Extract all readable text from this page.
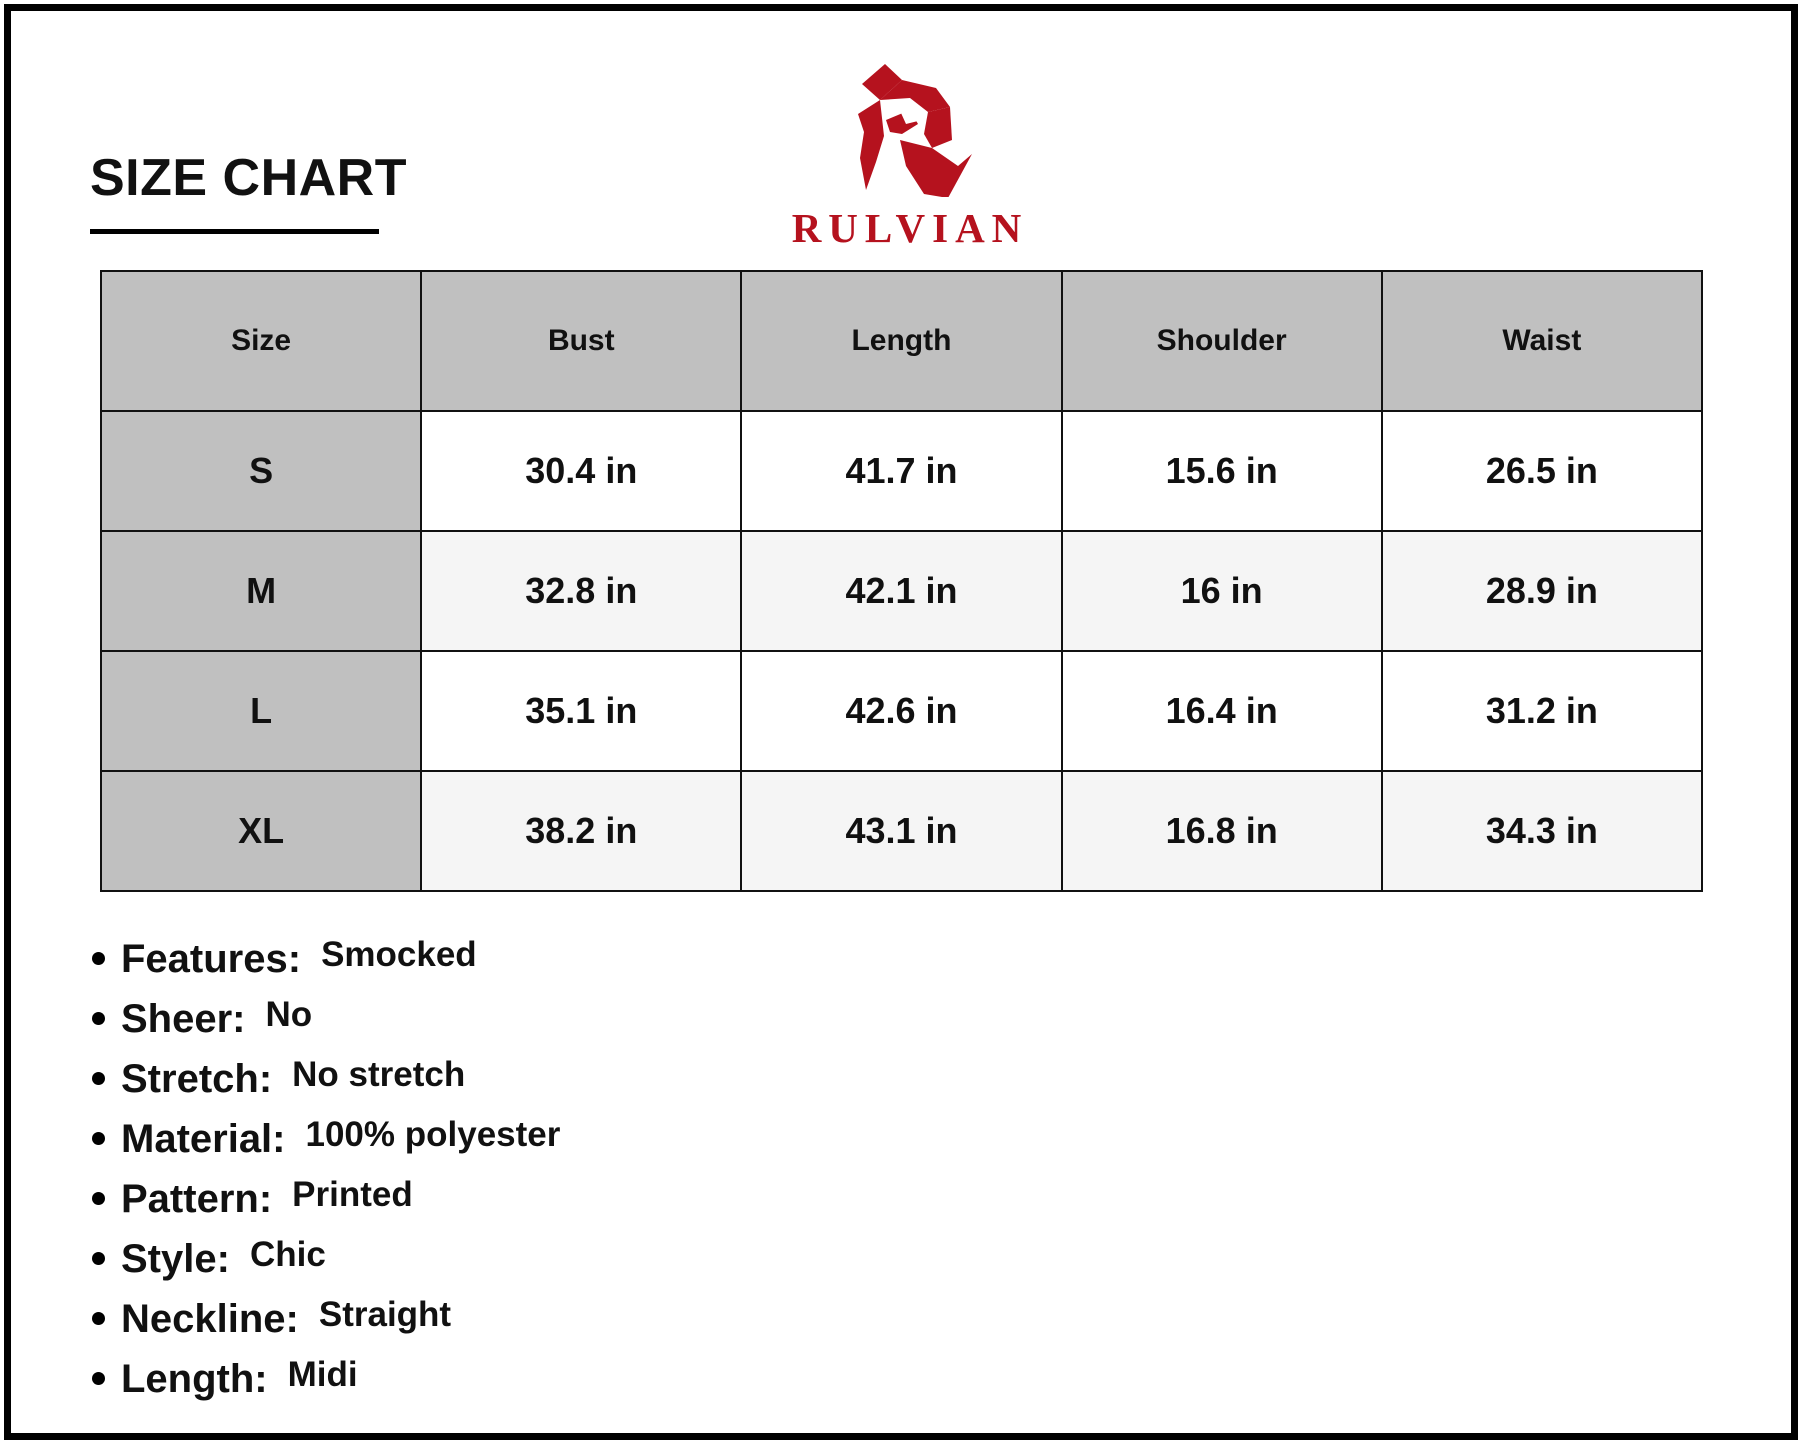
SIZE CHART
RULVIAN
Size	Bust	Length	Shoulder	Waist
S	30.4 in	41.7 in	15.6 in	26.5 in
M	32.8 in	42.1 in	16 in	28.9 in
L	35.1 in	42.6 in	16.4 in	31.2 in
XL	38.2 in	43.1 in	16.8 in	34.3 in
Features: Smocked
Sheer: No
Stretch: No stretch
Material: 100% polyester
Pattern: Printed
Style: Chic
Neckline: Straight
Length: Midi
